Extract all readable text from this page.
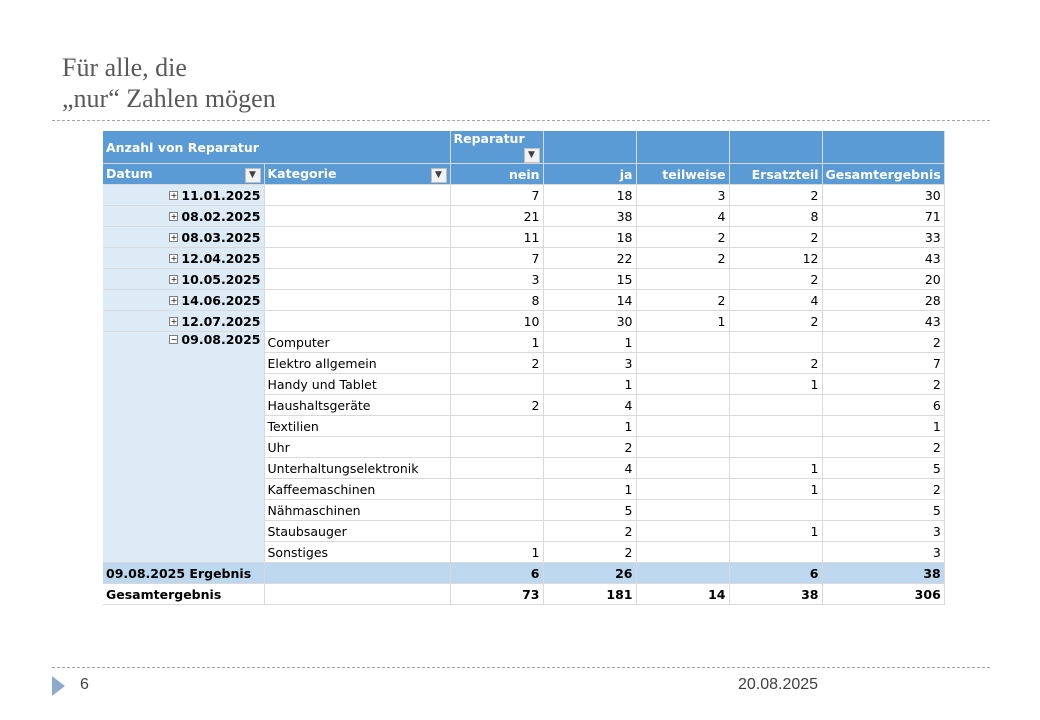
Für alle, die
„nur“ Zahlen mögen
Anzahl von Reparatur		Reparatur
▼				

Datum ▼	Kategorie ▼	nein	ja	teilweise	Ersatzteil	Gesamtergebnis
+ 11.01.2025		7	18	3	2	30
+ 08.02.2025		21	38	4	8	71
+ 08.03.2025		11	18	2	2	33
+ 12.04.2025		7	22	2	12	43
+ 10.05.2025		3	15		2	20
+ 14.06.2025		8	14	2	4	28
+ 12.07.2025		10	30	1	2	43
− 09.08.2025	Computer	1	1			2
	Elektro allgemein	2	3		2	7
	Handy und Tablet		1		1	2
	Haushaltsgeräte	2	4			6
	Textilien		1			1
	Uhr		2			2
	Unterhaltungselektronik		4		1	5
	Kaffeemaschinen		1		1	2
	Nähmaschinen		5			5
	Staubsauger		2		1	3
	Sonstiges	1	2			3
09.08.2025 Ergebnis		6	26		6	38
Gesamtergebnis		73	181	14	38	306
6	20.08.2025
